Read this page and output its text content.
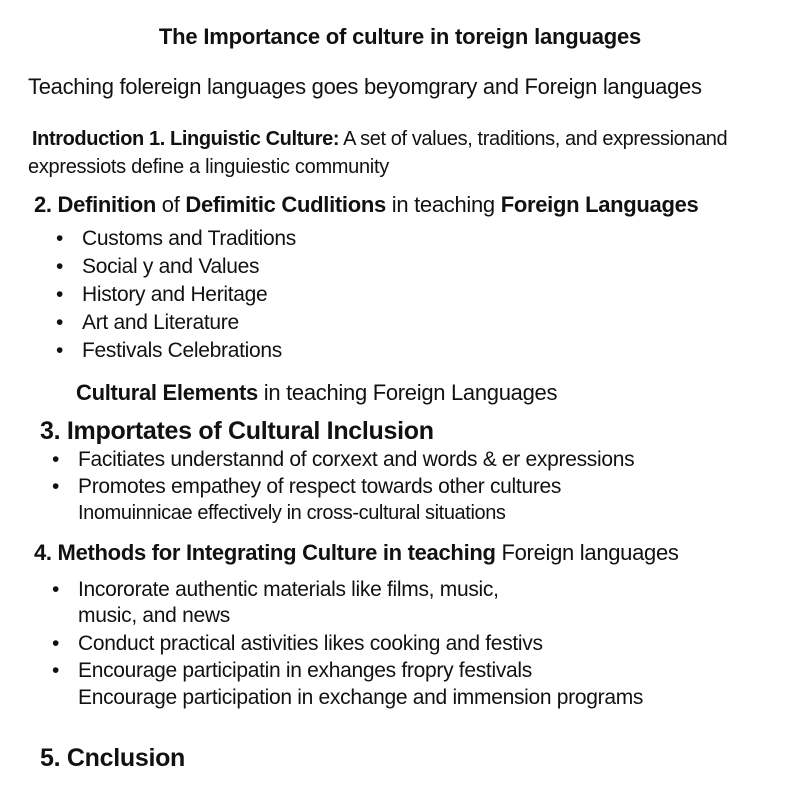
The Importance of culture in toreign languages
Teaching folereign languages goes beyomgrary and Foreign languages
Introduction 1. Linguistic Culture: A set of values, traditions, and expressionand
expressiots define a linguiestic community
2. Definition of Defimitic Cudlitions in teaching Foreign Languages
• Customs and Traditions
• Social y and Values
• History and Heritage
• Art and Literature
• Festivals Celebrations
Cultural Elements in teaching Foreign Languages
3. Importates of Cultural Inclusion
• Facitiates understannd of corxext and words & er expressions
• Promotes empathey of respect towards other cultures
Inomuinnicae effectively in cross-cultural situations
4. Methods for Integrating Culture in teaching Foreign languages
• Incororate authentic materials like films, music,
music, and news
• Conduct practical astivities likes cooking and festivs
• Encourage participatin in exhanges fropry festivals
Encourage participation in exchange and immension programs
5. Cnclusion
